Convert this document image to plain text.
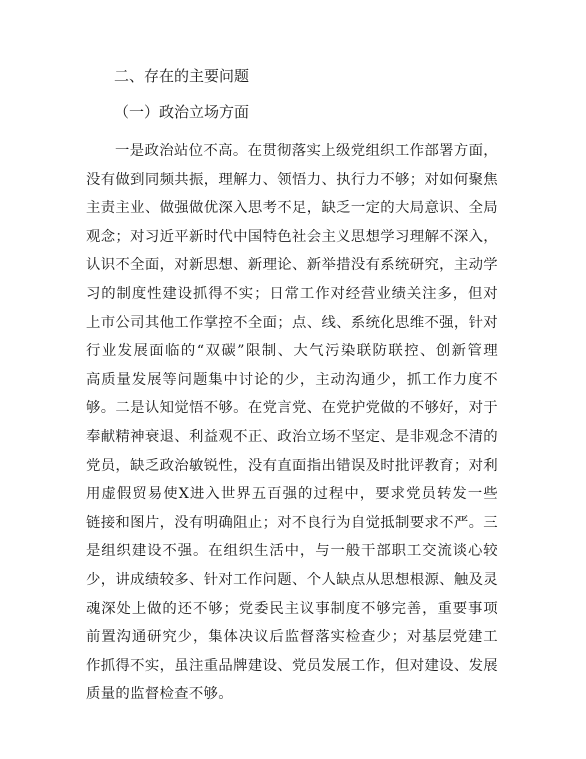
二、存在的主要问题
（一）政治立场方面
一是政治站位不高。在贯彻落实上级党组织工作部署方面，
没有做到同频共振，理解力、领悟力、执行力不够；对如何聚焦
主责主业、做强做优深入思考不足，缺乏一定的大局意识、全局
观念；对习近平新时代中国特色社会主义思想学习理解不深入，
认识不全面，对新思想、新理论、新举措没有系统研究，主动学
习的制度性建设抓得不实；日常工作对经营业绩关注多，但对
上市公司其他工作掌控不全面；点、线、系统化思维不强，针对
行业发展面临的“双碳”限制、大气污染联防联控、创新管理
高质量发展等问题集中讨论的少，主动沟通少，抓工作力度不
够。二是认知觉悟不够。在党言党、在党护党做的不够好，对于
奉献精神衰退、利益观不正、政治立场不坚定、是非观念不清的
党员，缺乏政治敏锐性，没有直面指出错误及时批评教育；对利
用虚假贸易使X进入世界五百强的过程中，要求党员转发一些
链接和图片，没有明确阻止；对不良行为自觉抵制要求不严。三
是组织建设不强。在组织生活中，与一般干部职工交流谈心较
少，讲成绩较多、针对工作问题、个人缺点从思想根源、触及灵
魂深处上做的还不够；党委民主议事制度不够完善，重要事项
前置沟通研究少，集体决议后监督落实检查少；对基层党建工
作抓得不实，虽注重品牌建设、党员发展工作，但对建设、发展
质量的监督检查不够。
